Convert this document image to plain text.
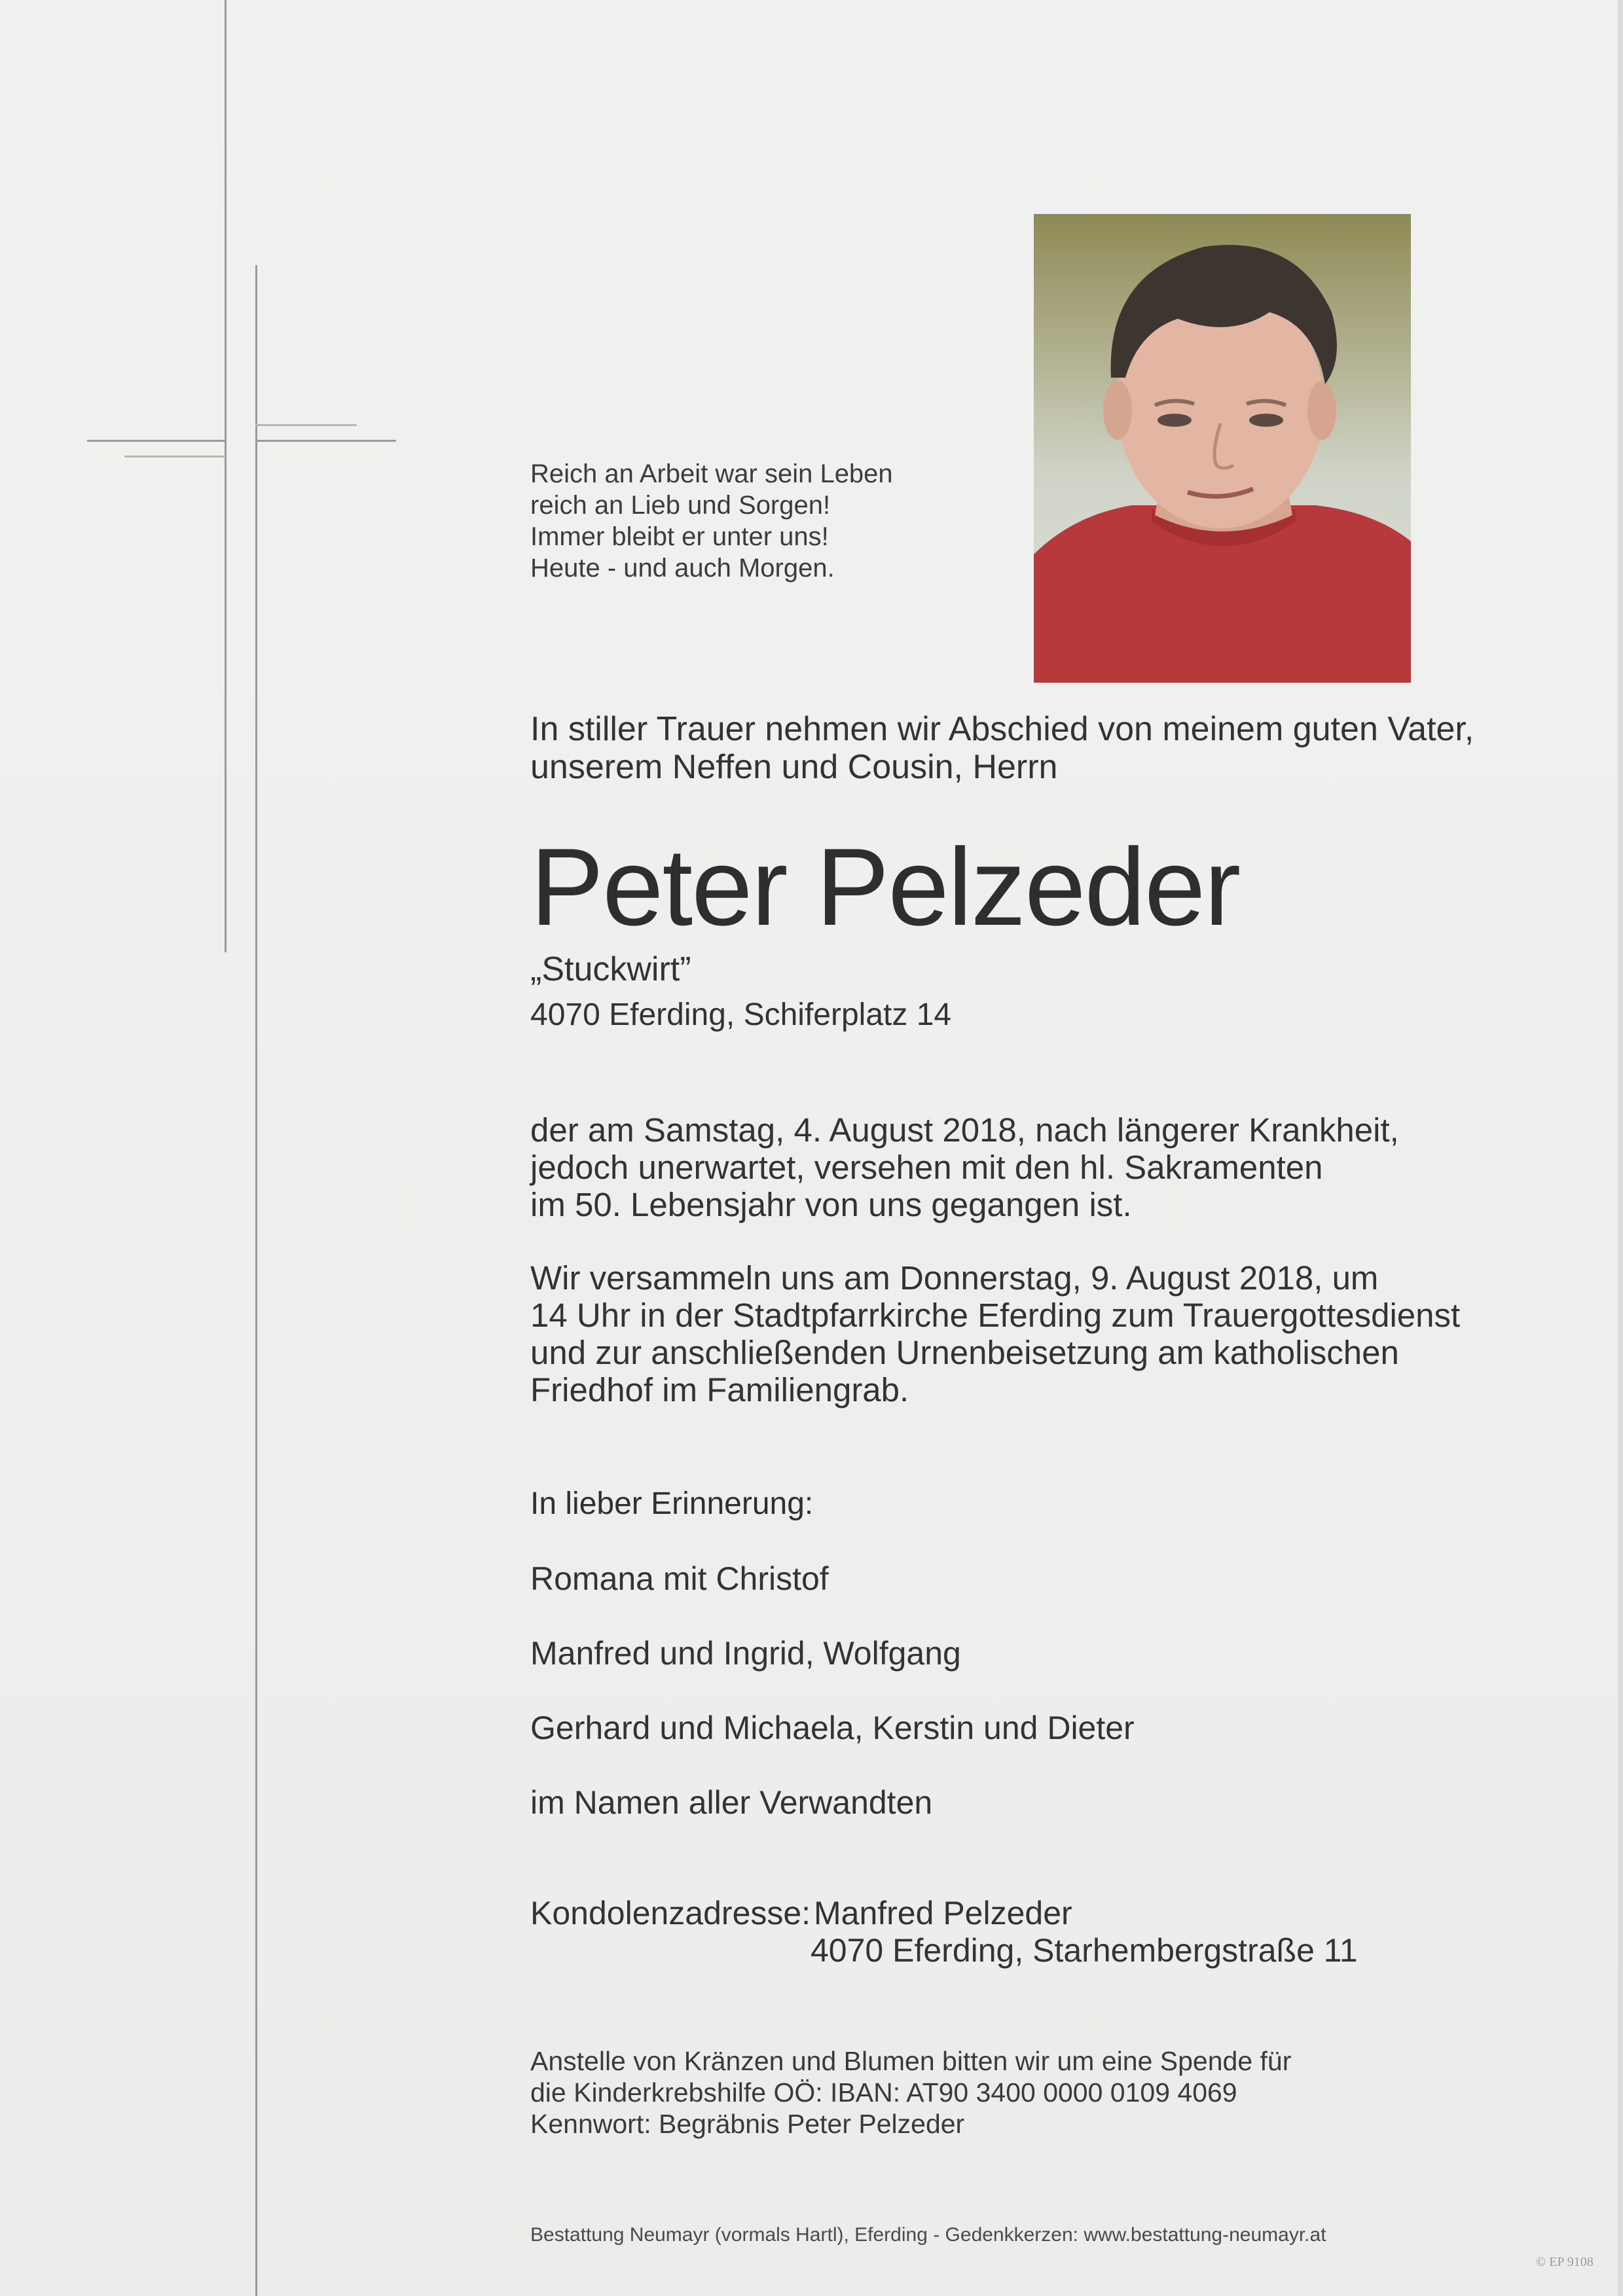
Reich an Arbeit war sein Leben
reich an Lieb und Sorgen!
Immer bleibt er unter uns!
Heute - und auch Morgen.
In stiller Trauer nehmen wir Abschied von meinem guten Vater,
unserem Neffen und Cousin, Herrn
Peter Pelzeder
„Stuckwirt”
4070 Eferding, Schiferplatz 14
der am Samstag, 4. August 2018, nach längerer Krankheit,
jedoch unerwartet, versehen mit den hl. Sakramenten
im 50. Lebensjahr von uns gegangen ist.
Wir versammeln uns am Donnerstag, 9. August 2018, um
14 Uhr in der Stadtpfarrkirche Eferding zum Trauergottesdienst
und zur anschließenden Urnenbeisetzung am katholischen
Friedhof im Familiengrab.
In lieber Erinnerung:
Romana mit Christof
Manfred und Ingrid, Wolfgang
Gerhard und Michaela, Kerstin und Dieter
im Namen aller Verwandten
Kondolenzadresse: Manfred Pelzeder
4070 Eferding, Starhembergstraße 11
Anstelle von Kränzen und Blumen bitten wir um eine Spende für
die Kinderkrebshilfe OÖ: IBAN: AT90 3400 0000 0109 4069
Kennwort: Begräbnis Peter Pelzeder
Bestattung Neumayr (vormals Hartl), Eferding - Gedenkkerzen: www.bestattung-neumayr.at
© EP 9108
